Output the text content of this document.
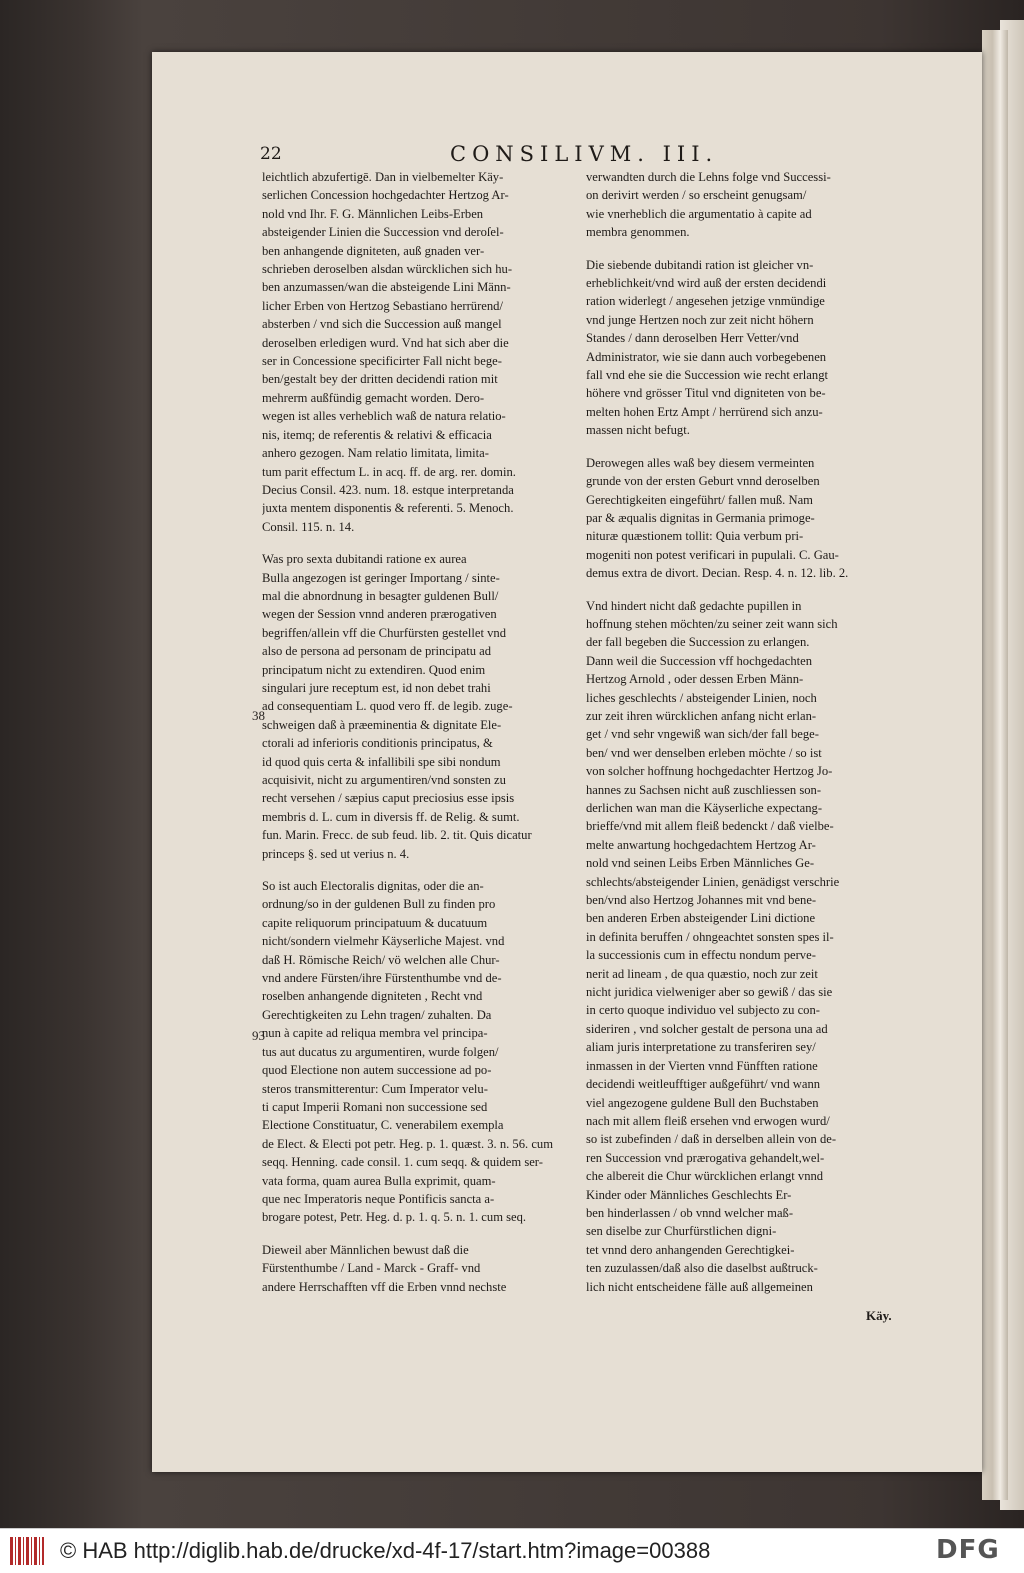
22	CONSILIVM. III.

leichtlich abzufertigē. Dan in vielbemelter Käy-
serlichen Concession hochgedachter Hertzog Ar-
nold vnd Ihr. F. G. Männlichen Leibs-Erben
absteigender Linien die Succession vnd deroſel-
ben anhangende digniteten, auß gnaden ver-
schrieben deroselben alsdan würcklichen sich hu-
ben anzumassen/wan die absteigende Lini Männ-
licher Erben von Hertzog Sebastiano herrürend/
absterben / vnd sich die Succession auß mangel
deroselben erledigen wurd. Vnd hat sich aber die
ser in Concessione specificirter Fall nicht bege-
ben/gestalt bey der dritten decidendi ration mit
mehrerm außfündig gemacht worden. Dero-
wegen ist alles verheblich waß de natura relatio-
nis, itemq; de referentis & relativi & efficacia
anhero gezogen. Nam relatio limitata, limita-
tum parit effectum L. in acq. ff. de arg. rer. domin.
Decius Consil. 423. num. 18. estque interpretanda
juxta mentem disponentis & referenti. 5. Menoch.
Consil. 115. n. 14.

Was pro sexta dubitandi ratione ex aurea
Bulla angezogen ist geringer Importang / sinte-
mal die abnordnung in besagter guldenen Bull/
wegen der Session vnnd anderen prærogativen
begriffen/allein vff die Churfürsten gestellet vnd
also de persona ad personam de principatu ad
principatum nicht zu extendiren. Quod enim
singulari jure receptum est, id non debet trahi
ad consequentiam L. quod vero ff. de legib. zuge-
schweigen daß à præeminentia & dignitate Ele-
ctorali ad inferioris conditionis principatus, &
id quod quis certa & infallibili spe sibi nondum
acquisivit, nicht zu argumentiren/vnd sonsten zu
recht versehen / sæpius caput preciosius esse ipsis
membris d. L. cum in diversis ff. de Relig. & sumt.
fun. Marin. Frecc. de sub feud. lib. 2. tit. Quis dicatur
princeps §. sed ut verius n. 4.

So ist auch Electoralis dignitas, oder die an-
ordnung/so in der guldenen Bull zu finden pro
capite reliquorum principatuum & ducatuum
nicht/sondern vielmehr Käyserliche Majest. vnd
daß H. Römische Reich/ vö welchen alle Chur-
vnd andere Fürsten/ihre Fürstenthumbe vnd de-
roselben anhangende digniteten , Recht vnd
Gerechtigkeiten zu Lehn tragen/ zuhalten. Da
nun à capite ad reliqua membra vel principa-
tus aut ducatus zu argumentiren, wurde folgen/
quod Electione non autem successione ad po-
steros transmitterentur: Cum Imperator velu-
ti caput Imperii Romani non successione sed
Electione Constituatur, C. venerabilem exempla
de Elect. & Electi pot petr. Heg. p. 1. quæst. 3. n. 56. cum
seqq. Henning. cade consil. 1. cum seqq. & quidem ser-
vata forma, quam aurea Bulla exprimit, quam-
que nec Imperatoris neque Pontificis sancta a-
brogare potest, Petr. Heg. d. p. 1. q. 5. n. 1. cum seq.

Dieweil aber Männlichen bewust daß die
Fürstenthumbe / Land - Marck - Graff- vnd
andere Herrschafften vff die Erben vnnd nechste

verwandten durch die Lehns folge vnd Successi-
on derivirt werden / so erscheint genugsam/
wie vnerheblich die argumentatio à capite ad
membra genommen.

Die siebende dubitandi ration ist gleicher vn-
erheblichkeit/vnd wird auß der ersten decidendi
ration widerlegt / angesehen jetzige vnmündige
vnd junge Hertzen noch zur zeit nicht höhern
Standes / dann deroselben Herr Vetter/vnd
Administrator, wie sie dann auch vorbegebenen
fall vnd ehe sie die Succession wie recht erlangt
höhere vnd grösser Titul vnd digniteten von be-
melten hohen Ertz Ampt / herrürend sich anzu-
massen nicht befugt.

Derowegen alles waß bey diesem vermeinten
grunde von der ersten Geburt vnnd deroselben
Gerechtigkeiten eingeführt/ fallen muß. Nam
par & æqualis dignitas in Germania primoge-
nituræ quæstionem tollit: Quia verbum pri-
mogeniti non potest verificari in pupulali. C. Gau-
demus extra de divort. Decian. Resp. 4. n. 12. lib. 2.

Vnd hindert nicht daß gedachte pupillen in
hoffnung stehen möchten/zu seiner zeit wann sich
der fall begeben die Succession zu erlangen.
Dann weil die Succession vff hochgedachten
Hertzog Arnold , oder dessen Erben Männ-
liches geschlechts / absteigender Linien, noch
zur zeit ihren würcklichen anfang nicht erlan-
get / vnd sehr vngewiß wan sich/der fall bege-
ben/ vnd wer denselben erleben möchte / so ist
von solcher hoffnung hochgedachter Hertzog Jo-
hannes zu Sachsen nicht auß zuschliessen son-
derlichen wan man die Käyserliche expectang-
brieffe/vnd mit allem fleiß bedenckt / daß vielbe-
melte anwartung hochgedachtem Hertzog Ar-
nold vnd seinen Leibs Erben Männliches Ge-
schlechts/absteigender Linien, genädigst verschrie
ben/vnd also Hertzog Johannes mit vnd bene-
ben anderen Erben absteigender Lini dictione
in definita beruffen / ohngeachtet sonsten spes il-
la successionis cum in effectu nondum perve-
nerit ad lineam , de qua quæstio, noch zur zeit
nicht juridica vielweniger aber so gewiß / das sie
in certo quoque individuo vel subjecto zu con-
sideriren , vnd solcher gestalt de persona una ad
aliam juris interpretatione zu transferiren sey/
inmassen in der Vierten vnnd Fünfften ratione
decidendi weitleufftiger außgeführt/ vnd wann
viel angezogene guldene Bull den Buchstaben
nach mit allem fleiß ersehen vnd erwogen wurd/
so ist zubefinden / daß in derselben allein von de-
ren Succession vnd prærogativa gehandelt,wel-
che albereit die Chur würcklichen erlangt vnnd
Kinder oder Männliches Geschlechts Er-
ben hinderlassen / ob vnnd welcher maß-
sen diselbe zur Churfürstlichen digni-
tet vnnd dero anhangenden Gerechtigkei-
ten zuzulassen/daß also die daselbst außtruck-
lich nicht entscheidene fälle auß allgemeinen

38
93
Käy.
© HAB http://diglib.hab.de/drucke/xd-4f-17/start.htm?image=00388	DFG
